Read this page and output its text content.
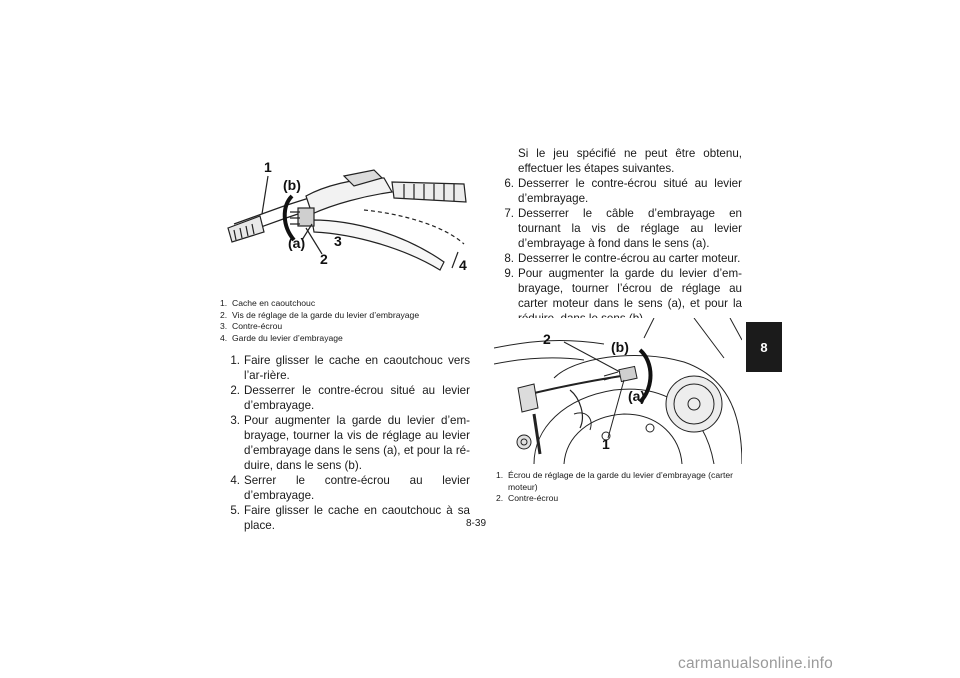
1
(b)
(a) 3
2	4
1. Cache en caoutchouc
2. Vis de réglage de la garde du levier d’embrayage
3. Contre-écrou
4. Garde du levier d’embrayage
1. Faire glisser le cache en caoutchouc vers l’ar-rière.
2. Desserrer le contre-écrou situé au levier d’embrayage.
3. Pour augmenter la garde du levier d’em-brayage, tourner la vis de réglage au levier d’embrayage dans le sens (a), et pour la ré-duire, dans le sens (b).
4. Serrer le contre-écrou au levier d’embrayage.
5. Faire glisser le cache en caoutchouc à sa place.
Si le jeu spécifié ne peut être obtenu, effectuer les étapes suivantes.
6. Desserrer le contre-écrou situé au levier d’embrayage.
7. Desserrer le câble d’embrayage en tournant la vis de réglage au levier d’embrayage à fond dans le sens (a).
8. Desserrer le contre-écrou au carter moteur.
9. Pour augmenter la garde du levier d’em-brayage, tourner l’écrou de réglage au carter moteur dans le sens (a), et pour la
2	(b)
(a)
1
1. Écrou de réglage de la garde du levier d’embrayage (carter moteur)
2. Contre-écrou
8
8-39
carmanualsonline.info
